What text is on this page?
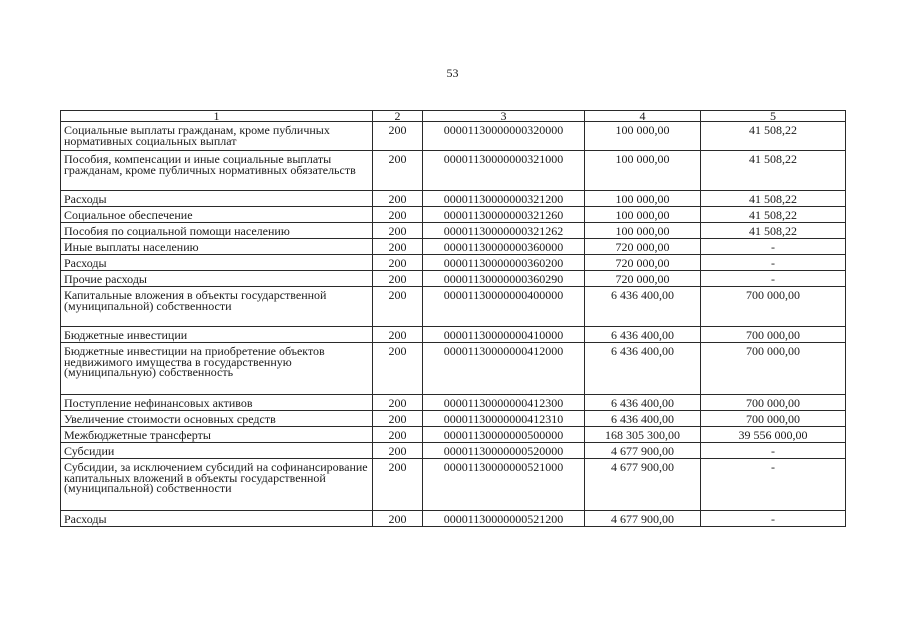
53
1	2	3	4	5
Социальные выплаты гражданам, кроме публичных нормативных социальных выплат	200	00001130000000320000	100 000,00	41 508,22
Пособия, компенсации и иные социальные выплаты гражданам, кроме публичных нормативных обязательств	200	00001130000000321000	100 000,00	41 508,22
Расходы	200	00001130000000321200	100 000,00	41 508,22
Социальное обеспечение	200	00001130000000321260	100 000,00	41 508,22
Пособия по социальной помощи населению	200	00001130000000321262	100 000,00	41 508,22
Иные выплаты населению	200	00001130000000360000	720 000,00	-
Расходы	200	00001130000000360200	720 000,00	-
Прочие расходы	200	00001130000000360290	720 000,00	-
Капитальные вложения в объекты государственной (муниципальной) собственности	200	00001130000000400000	6 436 400,00	700 000,00
Бюджетные инвестиции	200	00001130000000410000	6 436 400,00	700 000,00
Бюджетные инвестиции на приобретение объектов недвижимого имущества в государственную (муниципальную) собственность	200	00001130000000412000	6 436 400,00	700 000,00
Поступление нефинансовых активов	200	00001130000000412300	6 436 400,00	700 000,00
Увеличение стоимости основных средств	200	00001130000000412310	6 436 400,00	700 000,00
Межбюджетные трансферты	200	00001130000000500000	168 305 300,00	39 556 000,00
Субсидии	200	00001130000000520000	4 677 900,00	-
Субсидии, за исключением субсидий на софинансирование капитальных вложений в объекты государственной (муниципальной) собственности	200	00001130000000521000	4 677 900,00	-
Расходы	200	00001130000000521200	4 677 900,00	-
